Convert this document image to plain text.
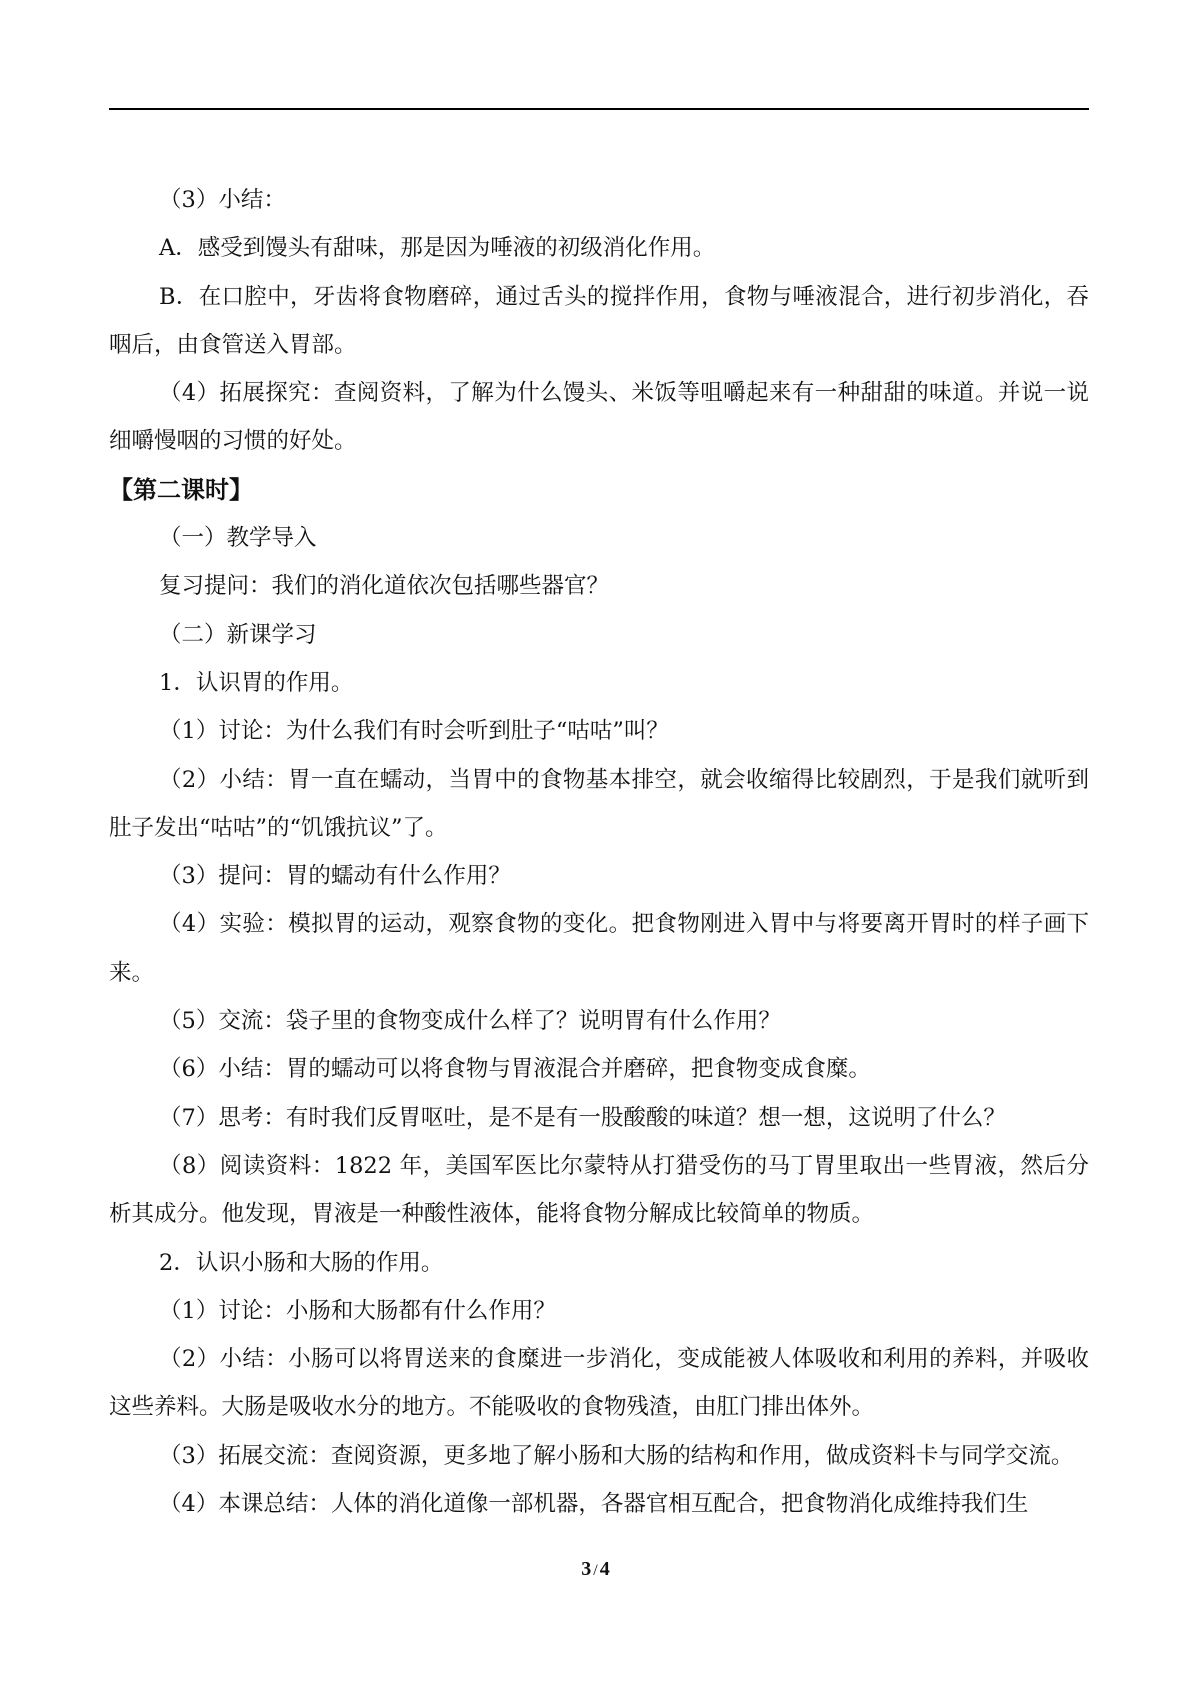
（3）小结：

A．感受到馒头有甜味，那是因为唾液的初级消化作用。

B．在口腔中，牙齿将食物磨碎，通过舌头的搅拌作用，食物与唾液混合，进行初步消化，吞咽后，由食管送入胃部。

（4）拓展探究：查阅资料，了解为什么馒头、米饭等咀嚼起来有一种甜甜的味道。并说一说细嚼慢咽的习惯的好处。

【第二课时】

（一）教学导入

复习提问：我们的消化道依次包括哪些器官？

（二）新课学习

1．认识胃的作用。

（1）讨论：为什么我们有时会听到肚子“咕咕”叫？

（2）小结：胃一直在蠕动，当胃中的食物基本排空，就会收缩得比较剧烈，于是我们就听到肚子发出“咕咕”的“饥饿抗议”了。

（3）提问：胃的蠕动有什么作用？

（4）实验：模拟胃的运动，观察食物的变化。把食物刚进入胃中与将要离开胃时的样子画下来。

（5）交流：袋子里的食物变成什么样了？说明胃有什么作用？

（6）小结：胃的蠕动可以将食物与胃液混合并磨碎，把食物变成食糜。

（7）思考：有时我们反胃呕吐，是不是有一股酸酸的味道？想一想，这说明了什么？

（8）阅读资料：1822 年，美国军医比尔蒙特从打猎受伤的马丁胃里取出一些胃液，然后分析其成分。他发现，胃液是一种酸性液体，能将食物分解成比较简单的物质。

2．认识小肠和大肠的作用。

（1）讨论：小肠和大肠都有什么作用？

（2）小结：小肠可以将胃送来的食糜进一步消化，变成能被人体吸收和利用的养料，并吸收这些养料。大肠是吸收水分的地方。不能吸收的食物残渣，由肛门排出体外。

（3）拓展交流：查阅资源，更多地了解小肠和大肠的结构和作用，做成资料卡与同学交流。

（4）本课总结：人体的消化道像一部机器，各器官相互配合，把食物消化成维持我们生

3 / 4
